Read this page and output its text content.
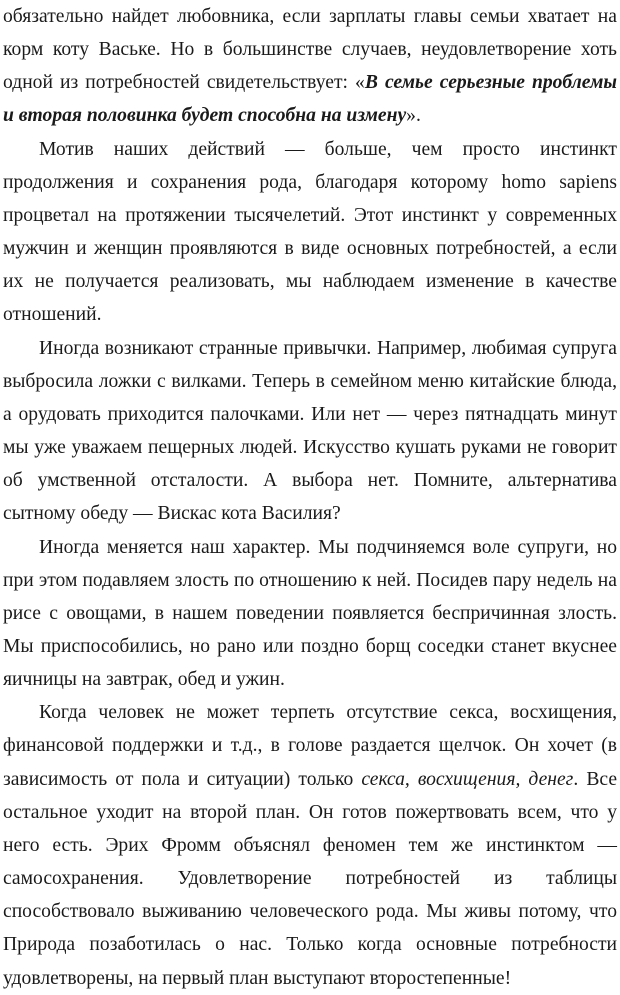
обязательно найдет любовника, если зарплаты главы семьи хватает на корм коту Ваське. Но в большинстве случаев, неудовлетворение хоть одной из потребностей свидетельствует: «В семье серьезные проблемы и вторая половинка будет способна на измену».

Мотив наших действий — больше, чем просто инстинкт продолжения и сохранения рода, благодаря которому homo sapiens процветал на протяжении тысячелетий. Этот инстинкт у современных мужчин и женщин проявляются в виде основных потребностей, а если их не получается реализовать, мы наблюдаем изменение в качестве отношений.

Иногда возникают странные привычки. Например, любимая супруга выбросила ложки с вилками. Теперь в семейном меню китайские блюда, а орудовать приходится палочками. Или нет — через пятнадцать минут мы уже уважаем пещерных людей. Искусство кушать руками не говорит об умственной отсталости. А выбора нет. Помните, альтернатива сытному обеду — Вискас кота Василия?

Иногда меняется наш характер. Мы подчиняемся воле супруги, но при этом подавляем злость по отношению к ней. Посидев пару недель на рисе с овощами, в нашем поведении появляется беспричинная злость. Мы приспособились, но рано или поздно борщ соседки станет вкуснее яичницы на завтрак, обед и ужин.

Когда человек не может терпеть отсутствие секса, восхищения, финансовой поддержки и т.д., в голове раздается щелчок. Он хочет (в зависимость от пола и ситуации) только секса, восхищения, денег. Все остальное уходит на второй план. Он готов пожертвовать всем, что у него есть. Эрих Фромм объяснял феномен тем же инстинктом — самосохранения. Удовлетворение потребностей из таблицы способствовало выживанию человеческого рода. Мы живы потому, что Природа позаботилась о нас. Только когда основные потребности удовлетворены, на первый план выступают второстепенные!
